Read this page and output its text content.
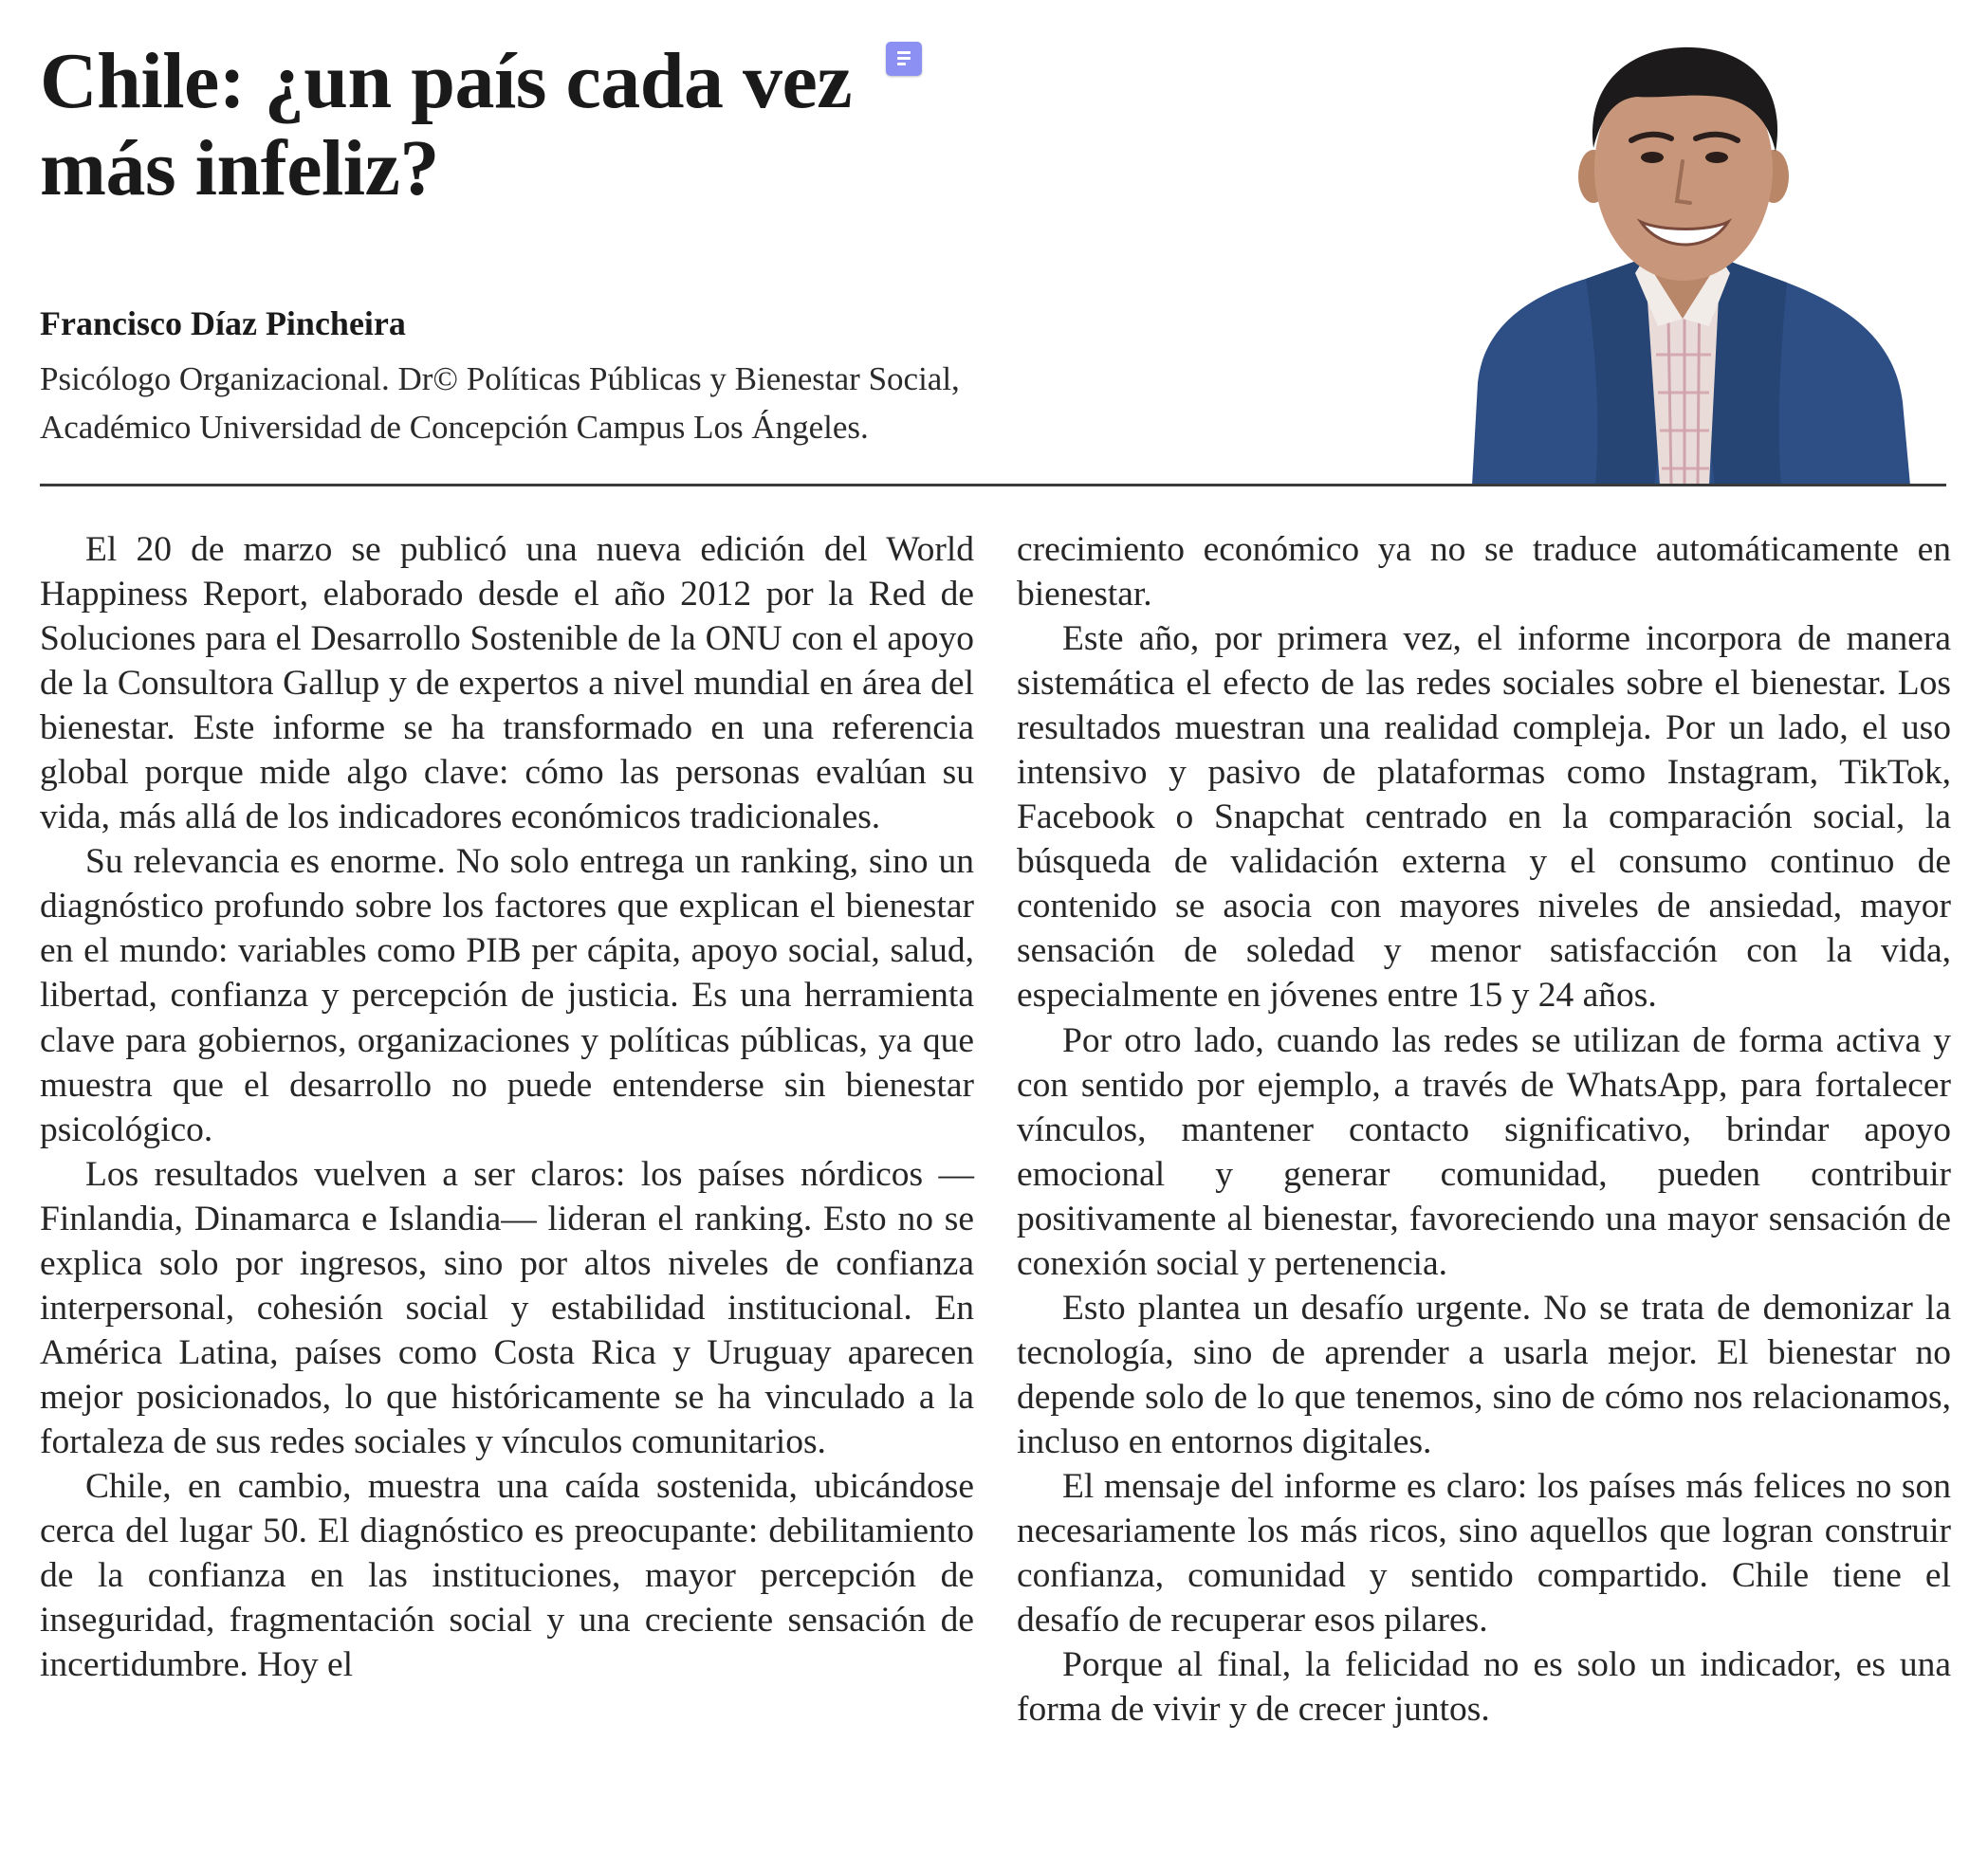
Chile: ¿un país cada vez más infeliz?

Francisco Díaz Pincheira

Psicólogo Organizacional. Dr© Políticas Públicas y Bienestar Social,
Académico Universidad de Concepción Campus Los Ángeles.

El 20 de marzo se publicó una nueva edición del World Happiness Report, elaborado desde el año 2012 por la Red de Soluciones para el Desarrollo Sostenible de la ONU con el apoyo de la Consultora Gallup y de expertos a nivel mundial en área del bienestar. Este informe se ha transformado en una referencia global porque mide algo clave: cómo las personas evalúan su vida, más allá de los indicadores económicos tradicionales.

Su relevancia es enorme. No solo entrega un ranking, sino un diagnóstico profundo sobre los factores que explican el bienestar en el mundo: variables como PIB per cápita, apoyo social, salud, libertad, confianza y percepción de justicia. Es una herramienta clave para gobiernos, organizaciones y políticas públicas, ya que muestra que el desarrollo no puede entenderse sin bienestar psicológico.

Los resultados vuelven a ser claros: los países nórdicos —Finlandia, Dinamarca e Islandia— lideran el ranking. Esto no se explica solo por ingresos, sino por altos niveles de confianza interpersonal, cohesión social y estabilidad institucional. En América Latina, países como Costa Rica y Uruguay aparecen mejor posicionados, lo que históricamente se ha vinculado a la fortaleza de sus redes sociales y vínculos comunitarios.

Chile, en cambio, muestra una caída sostenida, ubicándose cerca del lugar 50. El diagnóstico es preocupante: debilitamiento de la confianza en las instituciones, mayor percepción de inseguridad, fragmentación social y una creciente sensación de incertidumbre. Hoy el

crecimiento económico ya no se traduce automáticamente en bienestar.

Este año, por primera vez, el informe incorpora de manera sistemática el efecto de las redes sociales sobre el bienestar. Los resultados muestran una realidad compleja. Por un lado, el uso intensivo y pasivo de plataformas como Instagram, TikTok, Facebook o Snapchat centrado en la comparación social, la búsqueda de validación externa y el consumo continuo de contenido se asocia con mayores niveles de ansiedad, mayor sensación de soledad y menor satisfacción con la vida, especialmente en jóvenes entre 15 y 24 años.

Por otro lado, cuando las redes se utilizan de forma activa y con sentido por ejemplo, a través de WhatsApp, para fortalecer vínculos, mantener contacto significativo, brindar apoyo emocional y generar comunidad, pueden contribuir positivamente al bienestar, favoreciendo una mayor sensación de conexión social y pertenencia.

Esto plantea un desafío urgente. No se trata de demonizar la tecnología, sino de aprender a usarla mejor. El bienestar no depende solo de lo que tenemos, sino de cómo nos relacionamos, incluso en entornos digitales.

El mensaje del informe es claro: los países más felices no son necesariamente los más ricos, sino aquellos que logran construir confianza, comunidad y sentido compartido. Chile tiene el desafío de recuperar esos pilares.

Porque al final, la felicidad no es solo un indicador, es una forma de vivir y de crecer juntos.
